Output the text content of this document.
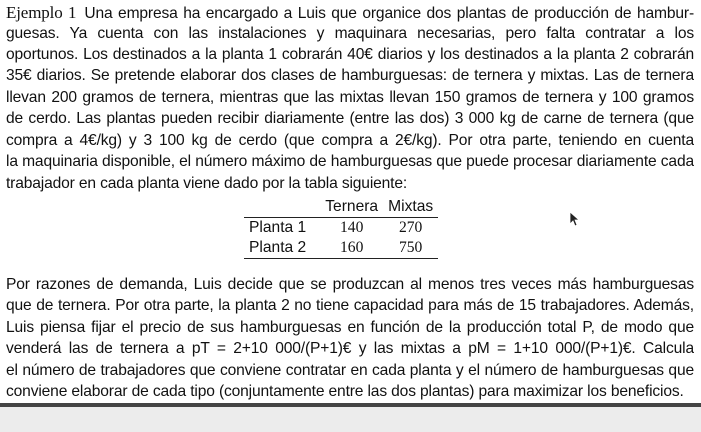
Ejemplo 1 Una empresa ha encargado a Luis que organice dos plantas de producción de hambur-
guesas. Ya cuenta con las instalaciones y maquinara necesarias, pero falta contratar a los
oportunos. Los destinados a la planta 1 cobrarán 40€ diarios y los destinados a la planta 2 cobrarán
35€ diarios. Se pretende elaborar dos clases de hamburguesas: de ternera y mixtas. Las de ternera
llevan 200 gramos de ternera, mientras que las mixtas llevan 150 gramos de ternera y 100 gramos
de cerdo. Las plantas pueden recibir diariamente (entre las dos) 3 000 kg de carne de ternera (que
compra a 4€/kg) y 3 100 kg de cerdo (que compra a 2€/kg). Por otra parte, teniendo en cuenta
la maquinaria disponible, el número máximo de hamburguesas que puede procesar diariamente cada
trabajador en cada planta viene dado por la tabla siguiente:
	Ternera	Mixtas
Planta 1	140	270
Planta 2	160	750
Por razones de demanda, Luis decide que se produzcan al menos tres veces más hamburguesas
que de ternera. Por otra parte, la planta 2 no tiene capacidad para más de 15 trabajadores. Además,
Luis piensa fijar el precio de sus hamburguesas en función de la producción total P, de modo que
venderá las de ternera a pT = 2+10 000/(P+1)€ y las mixtas a pM = 1+10 000/(P+1)€. Calcula
el número de trabajadores que conviene contratar en cada planta y el número de hamburguesas que
conviene elaborar de cada tipo (conjuntamente entre las dos plantas) para maximizar los beneficios.
